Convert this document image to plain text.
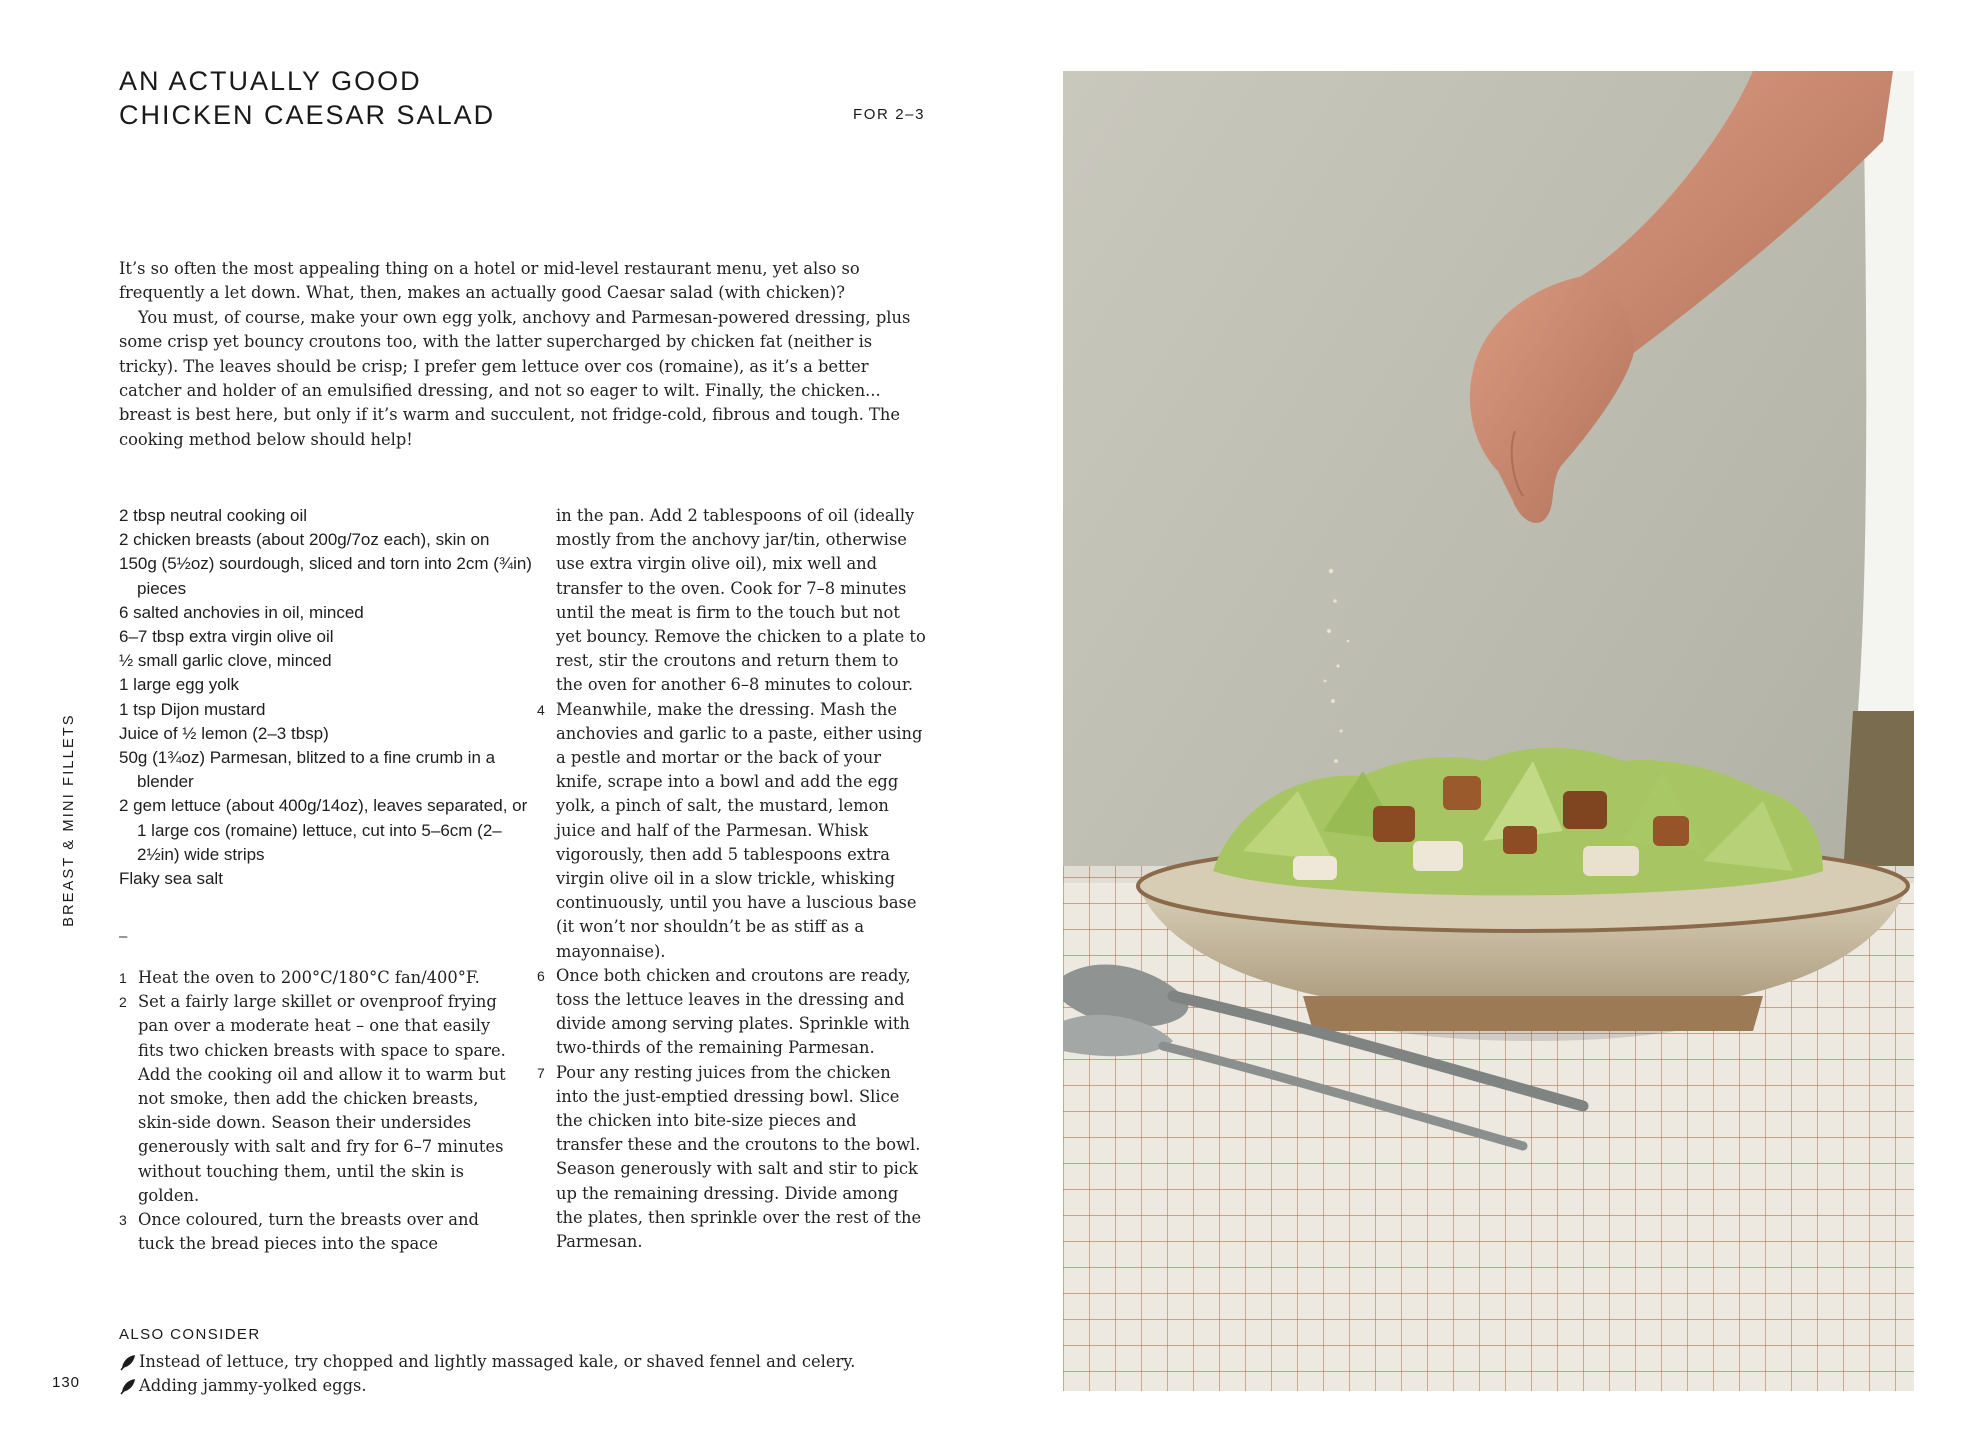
AN ACTUALLY GOOD
CHICKEN CAESAR SALAD	FOR 2–3

It’s so often the most appealing thing on a hotel or mid-level restaurant menu, yet also so frequently a let down. What, then, makes an actually good Caesar salad (with chicken)?

You must, of course, make your own egg yolk, anchovy and Parmesan-powered dressing, plus some crisp yet bouncy croutons too, with the latter supercharged by chicken fat (neither is tricky). The leaves should be crisp; I prefer gem lettuce over cos (romaine), as it’s a better catcher and holder of an emulsified dressing, and not so eager to wilt. Finally, the chicken... breast is best here, but only if it’s warm and succulent, not fridge-cold, fibrous and tough. The cooking method below should help!

2 tbsp neutral cooking oil
2 chicken breasts (about 200g/7oz each), skin on
150g (5½oz) sourdough, sliced and torn into 2cm (¾in) pieces
6 salted anchovies in oil, minced
6–7 tbsp extra virgin olive oil
½ small garlic clove, minced
1 large egg yolk
1 tsp Dijon mustard
Juice of ½ lemon (2–3 tbsp)
50g (1¾oz) Parmesan, blitzed to a fine crumb in a blender
2 gem lettuce (about 400g/14oz), leaves separated, or 1 large cos (romaine) lettuce, cut into 5–6cm (2–2½in) wide strips
Flaky sea salt
–
1 Heat the oven to 200°C/180°C fan/400°F.
2 Set a fairly large skillet or ovenproof frying pan over a moderate heat – one that easily fits two chicken breasts with space to spare. Add the cooking oil and allow it to warm but not smoke, then add the chicken breasts, skin-side down. Season their undersides generously with salt and fry for 6–7 minutes without touching them, until the skin is golden.
3 Once coloured, turn the breasts over and tuck the bread pieces into the space
in the pan. Add 2 tablespoons of oil (ideally mostly from the anchovy jar/tin, otherwise use extra virgin olive oil), mix well and transfer to the oven. Cook for 7–8 minutes until the meat is firm to the touch but not yet bouncy. Remove the chicken to a plate to rest, stir the croutons and return them to the oven for another 6–8 minutes to colour.
4 Meanwhile, make the dressing. Mash the anchovies and garlic to a paste, either using a pestle and mortar or the back of your knife, scrape into a bowl and add the egg yolk, a pinch of salt, the mustard, lemon juice and half of the Parmesan. Whisk vigorously, then add 5 tablespoons extra virgin olive oil in a slow trickle, whisking continuously, until you have a luscious base (it won’t nor shouldn’t be as stiff as a mayonnaise).
6 Once both chicken and croutons are ready, toss the lettuce leaves in the dressing and divide among serving plates. Sprinkle with two-thirds of the remaining Parmesan.
7 Pour any resting juices from the chicken into the just-emptied dressing bowl. Slice the chicken into bite-size pieces and transfer these and the croutons to the bowl. Season generously with salt and stir to pick up the remaining dressing. Divide among the plates, then sprinkle over the rest of the Parmesan.
ALSO CONSIDER
Instead of lettuce, try chopped and lightly massaged kale, or shaved fennel and celery.
Adding jammy-yolked eggs.
BREAST & MINI FILLETS
130
